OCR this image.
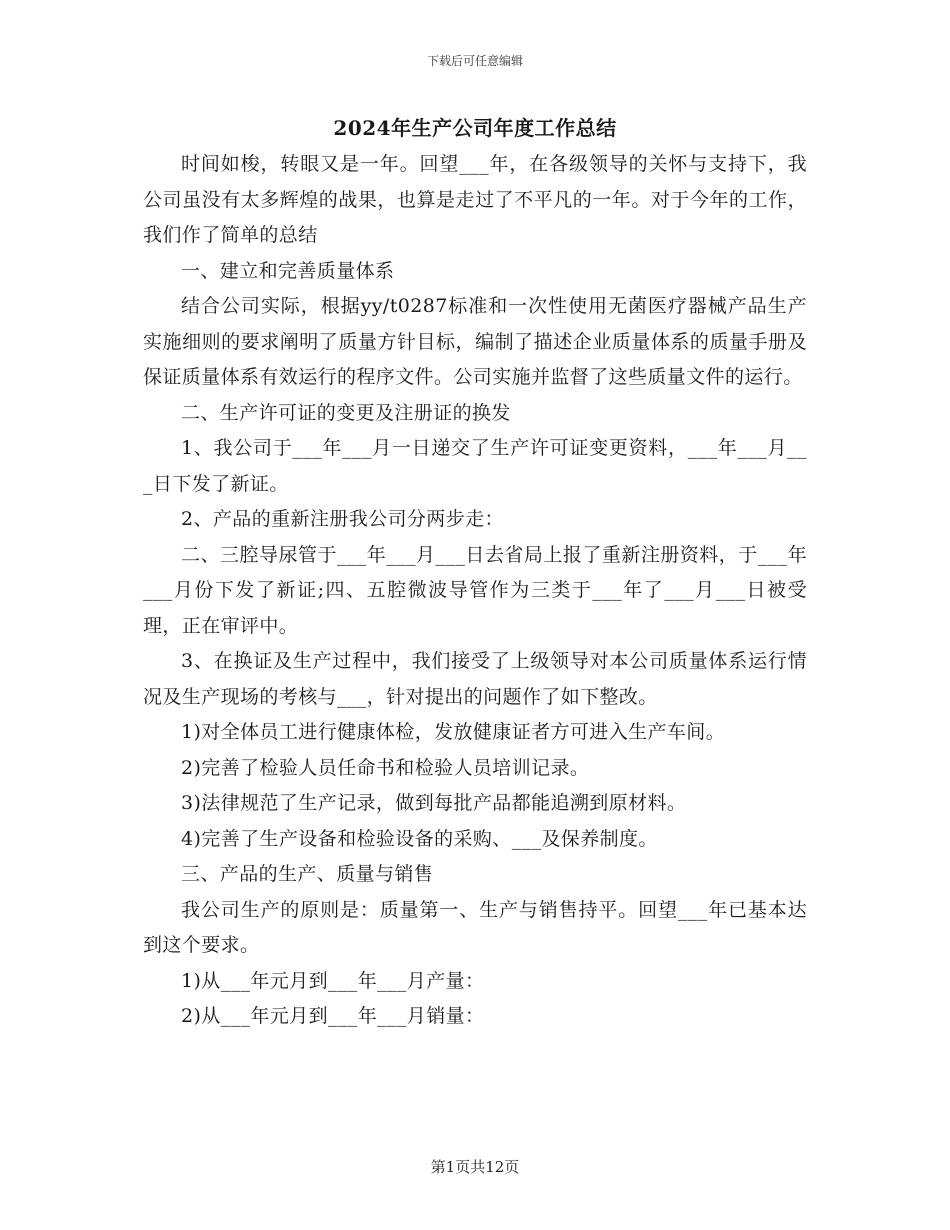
下载后可任意编辑
2024年生产公司年度工作总结

时间如梭，转眼又是一年。回望___年，在各级领导的关怀与支持下，我公司虽没有太多辉煌的战果，也算是走过了不平凡的一年。对于今年的工作，我们作了简单的总结

一、建立和完善质量体系

结合公司实际，根据yy/t0287标准和一次性使用无菌医疗器械产品生产实施细则的要求阐明了质量方针目标，编制了描述企业质量体系的质量手册及保证质量体系有效运行的程序文件。公司实施并监督了这些质量文件的运行。

二、生产许可证的变更及注册证的换发

1、我公司于___年___月一日递交了生产许可证变更资料，___年___月___日下发了新证。

2、产品的重新注册我公司分两步走：

二、三腔导尿管于___年___月___日去省局上报了重新注册资料，于___年___月份下发了新证;四、五腔微波导管作为三类于___年了___月___日被受理，正在审评中。

3、在换证及生产过程中，我们接受了上级领导对本公司质量体系运行情况及生产现场的考核与___，针对提出的问题作了如下整改。

1)对全体员工进行健康体检，发放健康证者方可进入生产车间。

2)完善了检验人员任命书和检验人员培训记录。

3)法律规范了生产记录，做到每批产品都能追溯到原材料。

4)完善了生产设备和检验设备的采购、___及保养制度。

三、产品的生产、质量与销售

我公司生产的原则是：质量第一、生产与销售持平。回望___年已基本达到这个要求。

1)从___年元月到___年___月产量：

2)从___年元月到___年___月销量：

第1页共12页
